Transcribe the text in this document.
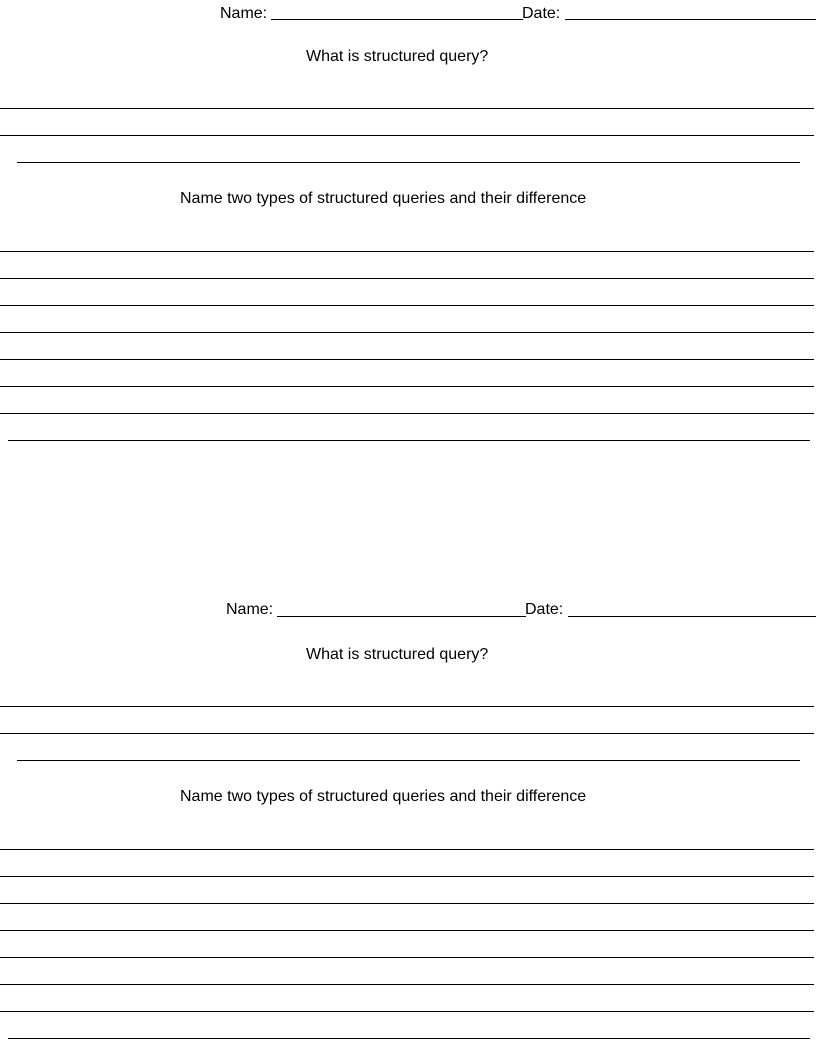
Name:	Date:
What is structured query?
Name two types of structured queries and their difference
Name:	Date:
What is structured query?
Name two types of structured queries and their difference
